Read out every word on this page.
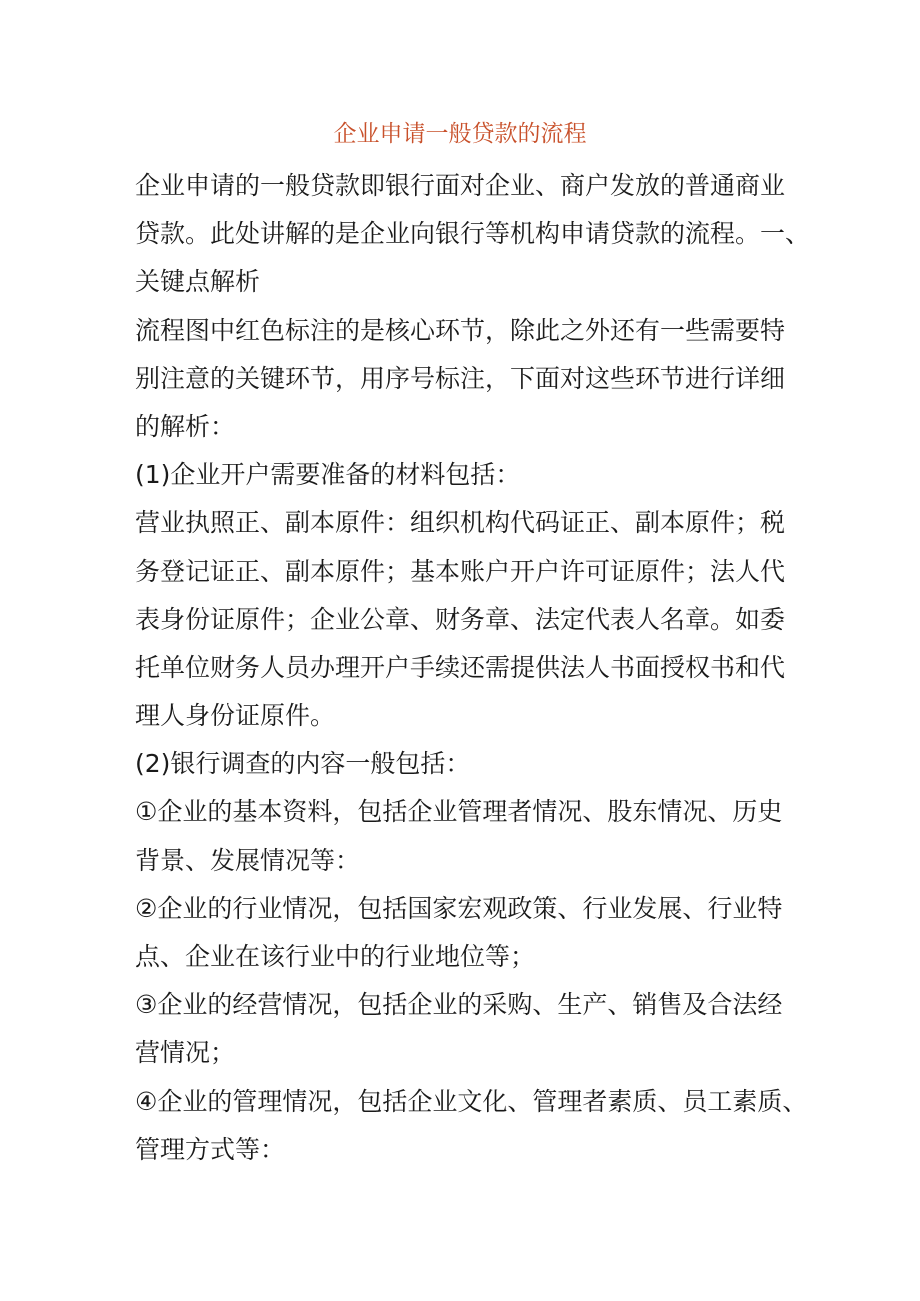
企业申请一般贷款的流程
企业申请的一般贷款即银行面对企业、商户发放的普通商业
贷款。此处讲解的是企业向银行等机构申请贷款的流程。一、
关键点解析
流程图中红色标注的是核心环节，除此之外还有一些需要特
别注意的关键环节，用序号标注，下面对这些环节进行详细
的解析：
(1)企业开户需要准备的材料包括：
营业执照正、副本原件：组织机构代码证正、副本原件；税
务登记证正、副本原件；基本账户开户许可证原件；法人代
表身份证原件；企业公章、财务章、法定代表人名章。如委
托单位财务人员办理开户手续还需提供法人书面授权书和代
理人身份证原件。
(2)银行调查的内容一般包括：
①企业的基本资料，包括企业管理者情况、股东情况、历史
背景、发展情况等：
②企业的行业情况，包括国家宏观政策、行业发展、行业特
点、企业在该行业中的行业地位等；
③企业的经营情况，包括企业的采购、生产、销售及合法经
营情况；
④企业的管理情况，包括企业文化、管理者素质、员工素质、
管理方式等：
